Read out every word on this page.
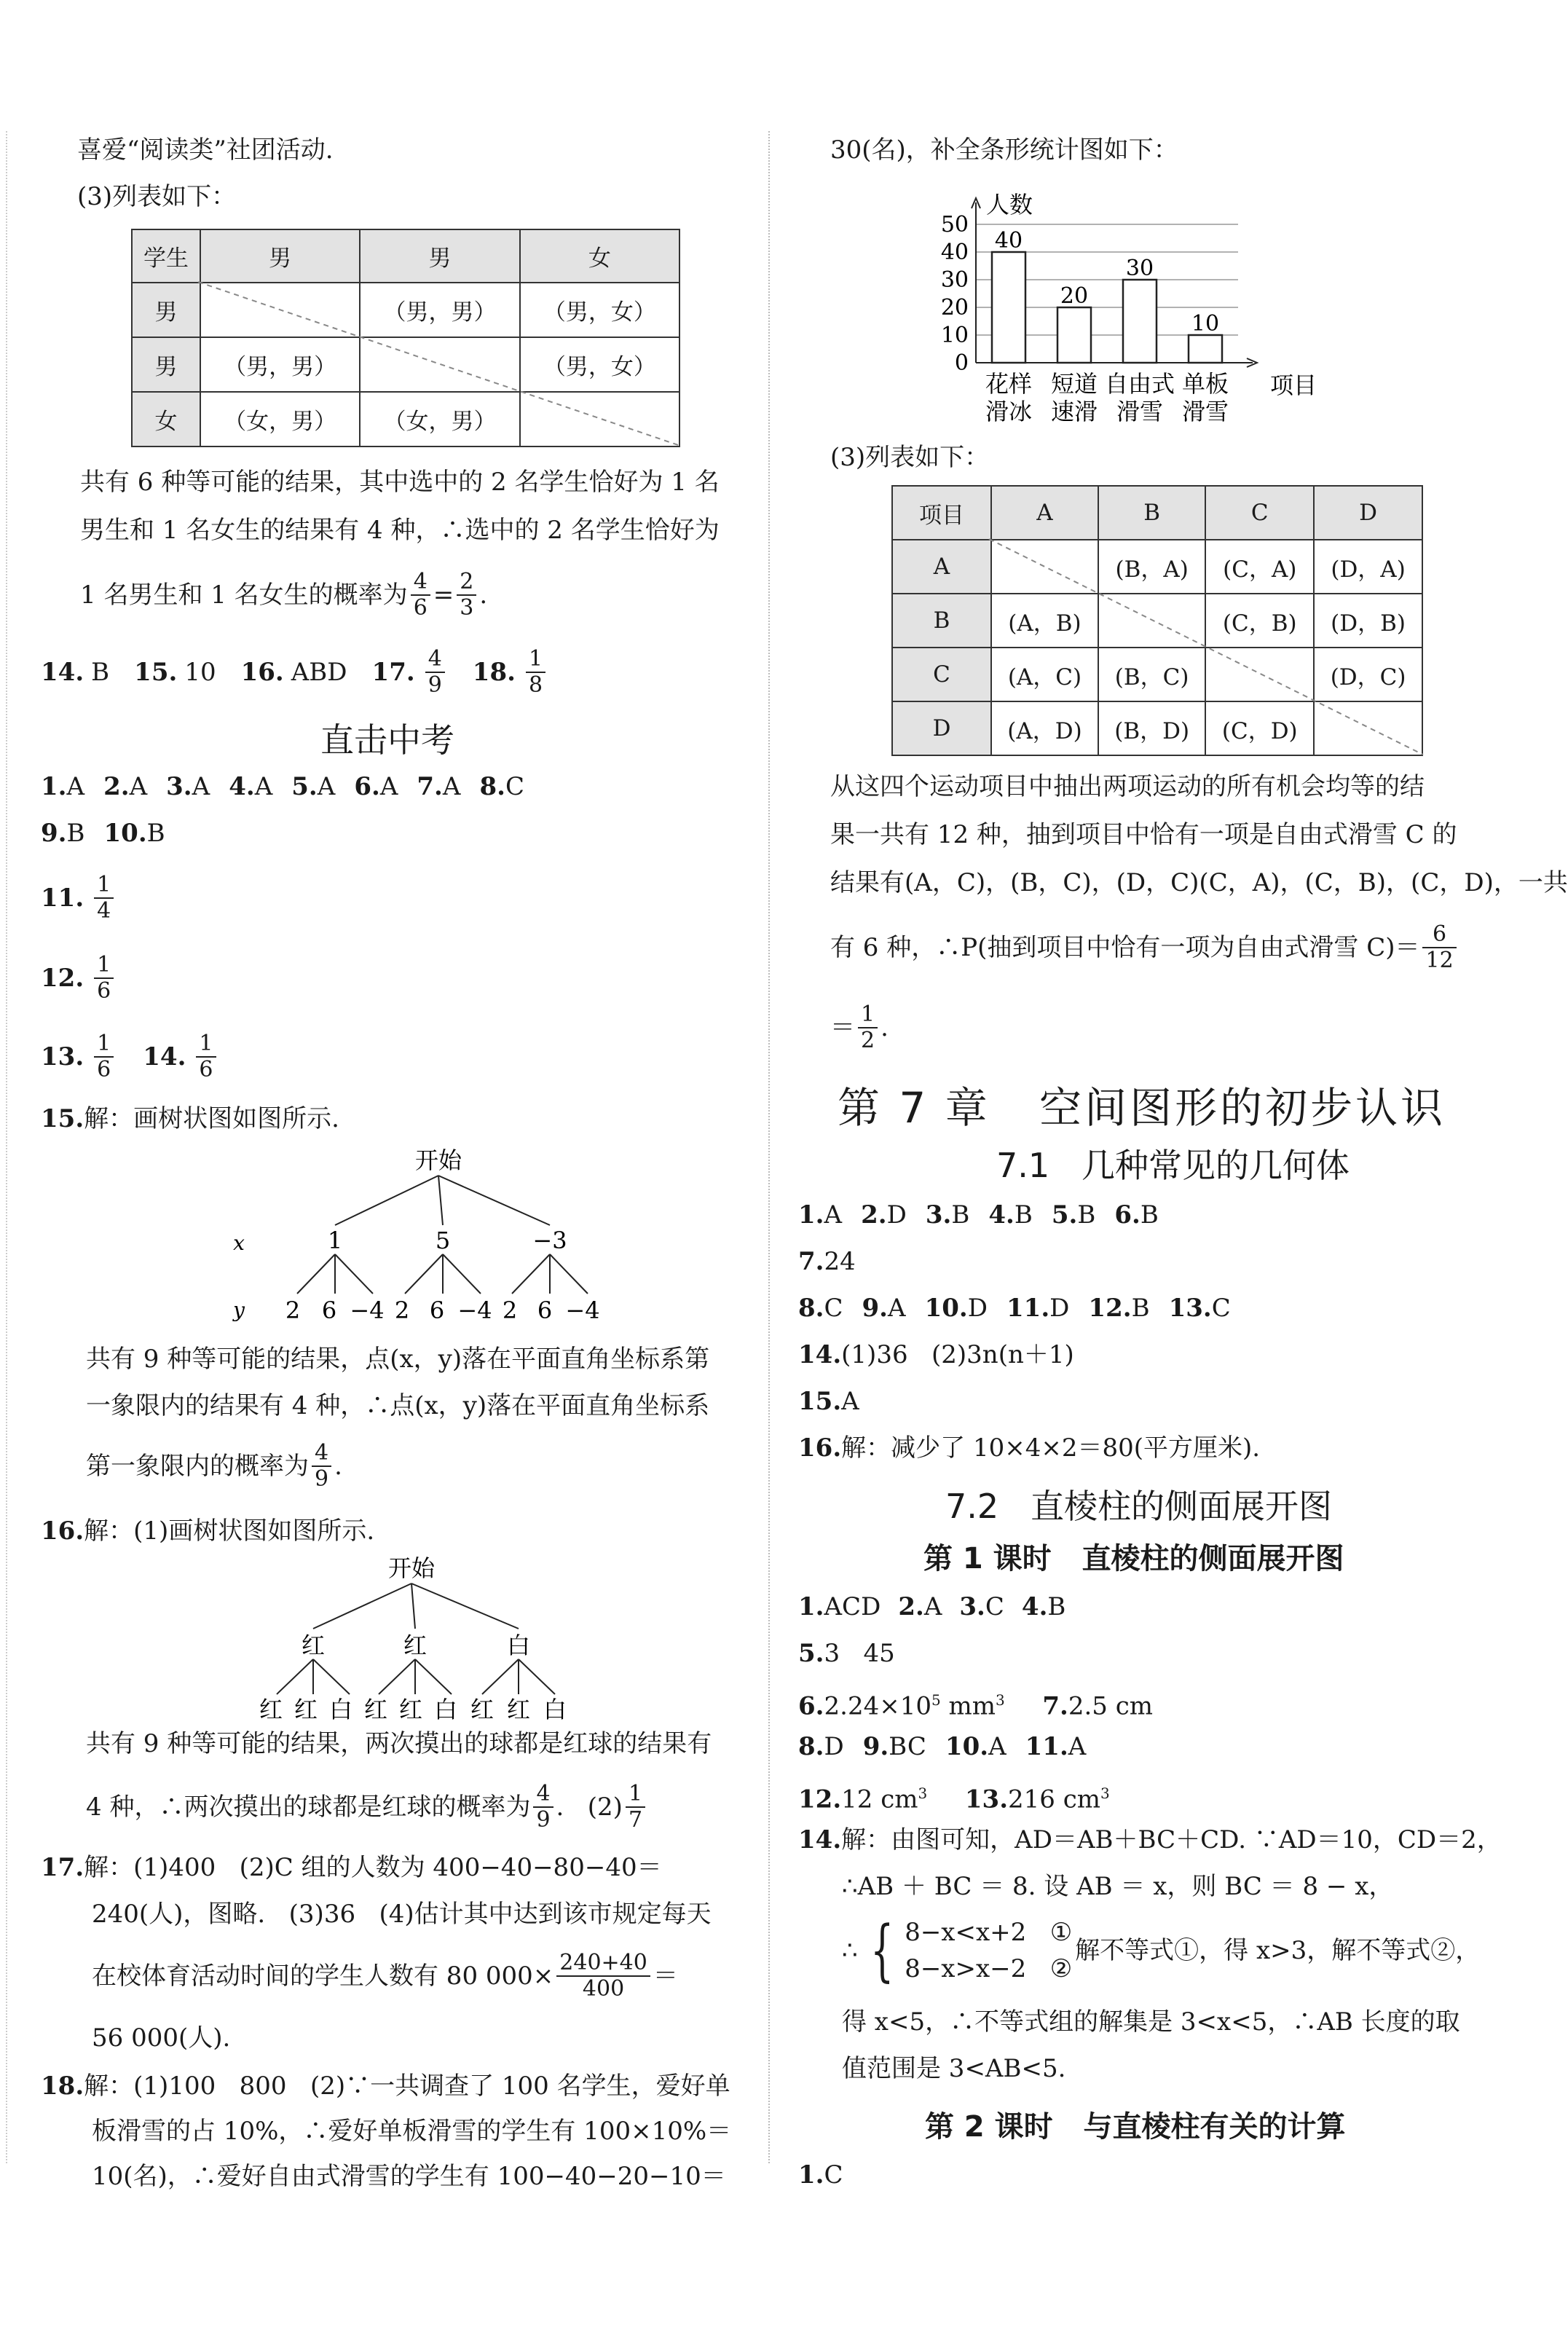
喜爱“阅读类”社团活动.
(3)列表如下：
学生	男	男	女
男		（男，男）	（男，女）
男	（男，男）		（男，女）
女	（女，男）	（女，男）	
共有 6 种等可能的结果，其中选中的 2 名学生恰好为 1 名
男生和 1 名女生的结果有 4 种，∴选中的 2 名学生恰好为
1 名男生和 1 名女生的概率为 $\frac{4}{6} = \frac{2}{3}$ .
14. B 15. 10 16. ABD 17. $\frac{4}{9} 18$. $\frac{1}{8}$
直击中考
1.A 2.A 3.A 4.A 5.A 6.A 7.A 8.C
9.B 10.B
11. $\frac{1}{4}$
12. $\frac{1}{6}$
13. $\frac{1}{6} 14$. $\frac{1}{6}$
15.解：画树状图如图所示.
开始
x
y
1	5	−3
2 6 −4 2 6 −4 2 6 −4
共有 9 种等可能的结果，点(x，y)落在平面直角坐标系第
一象限内的结果有 4 种，∴点(x，y)落在平面直角坐标系
第一象限内的概率为 $\frac{4}{9}$ .
16.解：(1)画树状图如图所示.
开始
红	红	白
红 红 白 红 红 白 红 红 白
共有 9 种等可能的结果，两次摸出的球都是红球的结果有
4 种，∴两次摸出的球都是红球的概率为 $\frac{4}{9}$ .   $(2) \frac{1}{7}$
17.解：(1)400   (2)C 组的人数为 400−40−80−40＝
240(人)，图略.   (3)36   (4)估计其中达到该市规定每天
在校体育活动时间的学生人数有 80 $000\times \frac{240+40}{400}$ ＝
56 000(人).
18.解：(1)100   800   (2)∵一共调查了 100 名学生，爱好单
板滑雪的占 10%，∴爱好单板滑雪的学生有 100×10%＝
10(名)，∴爱好自由式滑雪的学生有 100−40−20−10＝
30(名)，补全条形统计图如下：
0
10
20
30
40
50
人数
项目
40
花样
滑冰
20
短道
速滑
30
自由式
滑雪
10
单板
滑雪
(3)列表如下：
项目	A	B	C	D
A		(B，A)	(C，A)	(D，A)
B	(A，B)		(C，B)	(D，B)
C	(A，C)	(B，C)		(D，C)
D	(A，D)	(B，D)	(C，D)	
从这四个运动项目中抽出两项运动的所有机会均等的结
果一共有 12 种，抽到项目中恰有一项是自由式滑雪 C 的
结果有(A，C)，(B，C)，(D，C)(C，A)，(C，B)，(C，D)，一共
有 6 种，∴P(抽到项目中恰有一项为自由式滑雪 $C)= \frac{6}{12}$
＝ $\frac{1}{2}$ .
第 7 章   空间图形的初步认识
7.1   几种常见的几何体
1.A 2.D 3.B 4.B 5.B 6.B
7.24
8.C 9.A 10.D 11.D 12.B 13.C
14.(1)36   (2)3n(n＋1)
15.A
16.解：减少了 10×4×2＝80(平方厘米).
7.2   直棱柱的侧面展开图
第 1 课时   直棱柱的侧面展开图
1.ACD 2.A 3.C 4.B
5.3   45
$6.2.24\times 10^5$ $mm^3$ 7.2.5 cm
8.D 9.BC 10.A 11.A
12.12 $cm^3$ 13.216 $cm^3$
14.解：由图可知，AD＝AB＋BC＋CD. ∵AD＝10，CD＝2，
∴AB ＋ BC ＝ 8. 设 AB ＝ x，则 BC ＝ 8 − x，
∴ { 8−x<x+2   ①
8−x>x−2   ②
解不等式①，得 x>3，解不等式②，
得 x<5，∴不等式组的解集是 3<x<5，∴AB 长度的取
值范围是 3<AB<5.
第 2 课时   与直棱柱有关的计算
1.C
